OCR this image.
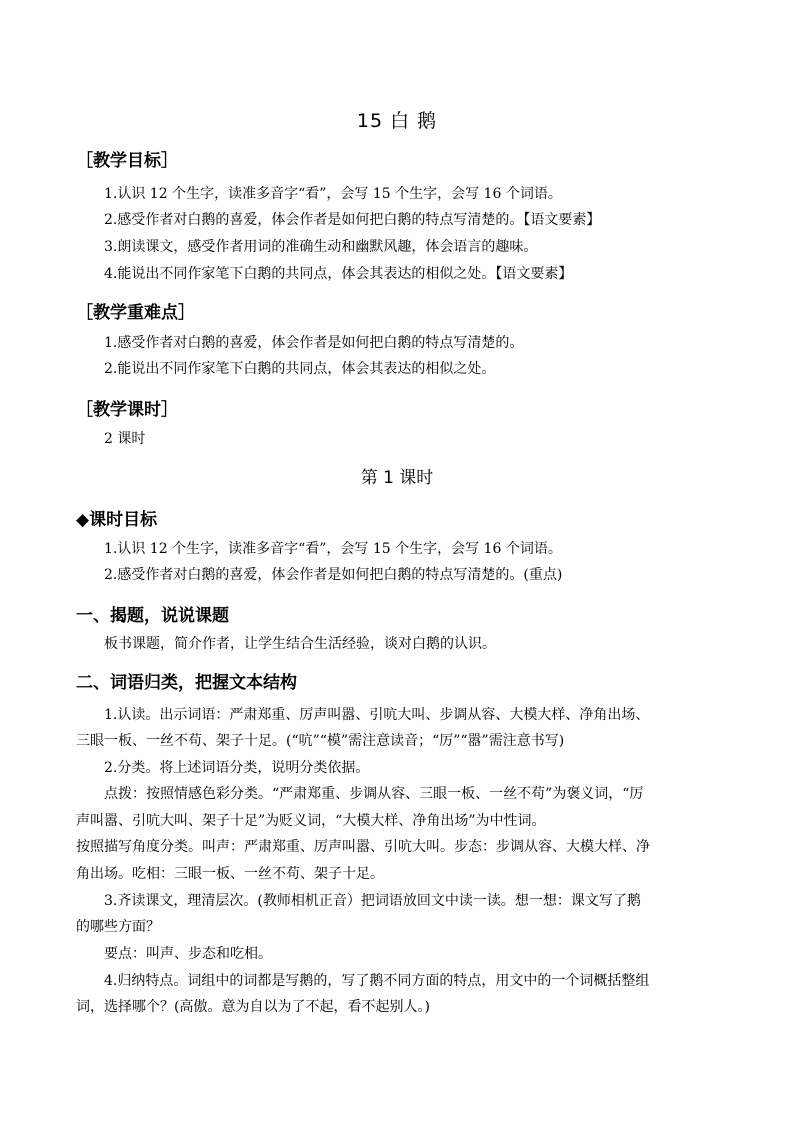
15 白 鹅
［教学目标］
1.认识 12 个生字，读准多音字“看”，会写 15 个生字，会写 16 个词语。
2.感受作者对白鹅的喜爱，体会作者是如何把白鹅的特点写清楚的。【语文要素】
3.朗读课文，感受作者用词的准确生动和幽默风趣，体会语言的趣味。
4.能说出不同作家笔下白鹅的共同点，体会其表达的相似之处。【语文要素】
［教学重难点］
1.感受作者对白鹅的喜爱，体会作者是如何把白鹅的特点写清楚的。
2.能说出不同作家笔下白鹅的共同点，体会其表达的相似之处。
［教学课时］
2 课时
第 1 课时
◆课时目标
1.认识 12 个生字，读准多音字“看”，会写 15 个生字，会写 16 个词语。
2.感受作者对白鹅的喜爱，体会作者是如何把白鹅的特点写清楚的。(重点)
一、揭题，说说课题
板书课题，简介作者，让学生结合生活经验，谈对白鹅的认识。
二、词语归类，把握文本结构
1.认读。出示词语：严肃郑重、厉声叫嚣、引吭大叫、步调从容、大模大样、净角出场、
三眼一板、一丝不苟、架子十足。(“吭”“模”需注意读音；“厉”“嚣”需注意书写)
2.分类。将上述词语分类，说明分类依据。
点拨：按照情感色彩分类。“严肃郑重、步调从容、三眼一板、一丝不苟”为褒义词，“厉
声叫嚣、引吭大叫、架子十足”为贬义词，“大模大样、净角出场”为中性词。
按照描写角度分类。叫声：严肃郑重、厉声叫嚣、引吭大叫。步态：步调从容、大模大样、净
角出场。吃相：三眼一板、一丝不苟、架子十足。
3.齐读课文，理清层次。(教师相机正音）把词语放回文中读一读。想一想：课文写了鹅
的哪些方面？
要点：叫声、步态和吃相。
4.归纳特点。词组中的词都是写鹅的，写了鹅不同方面的特点，用文中的一个词概括整组
词，选择哪个？(高傲。意为自以为了不起，看不起别人。)
